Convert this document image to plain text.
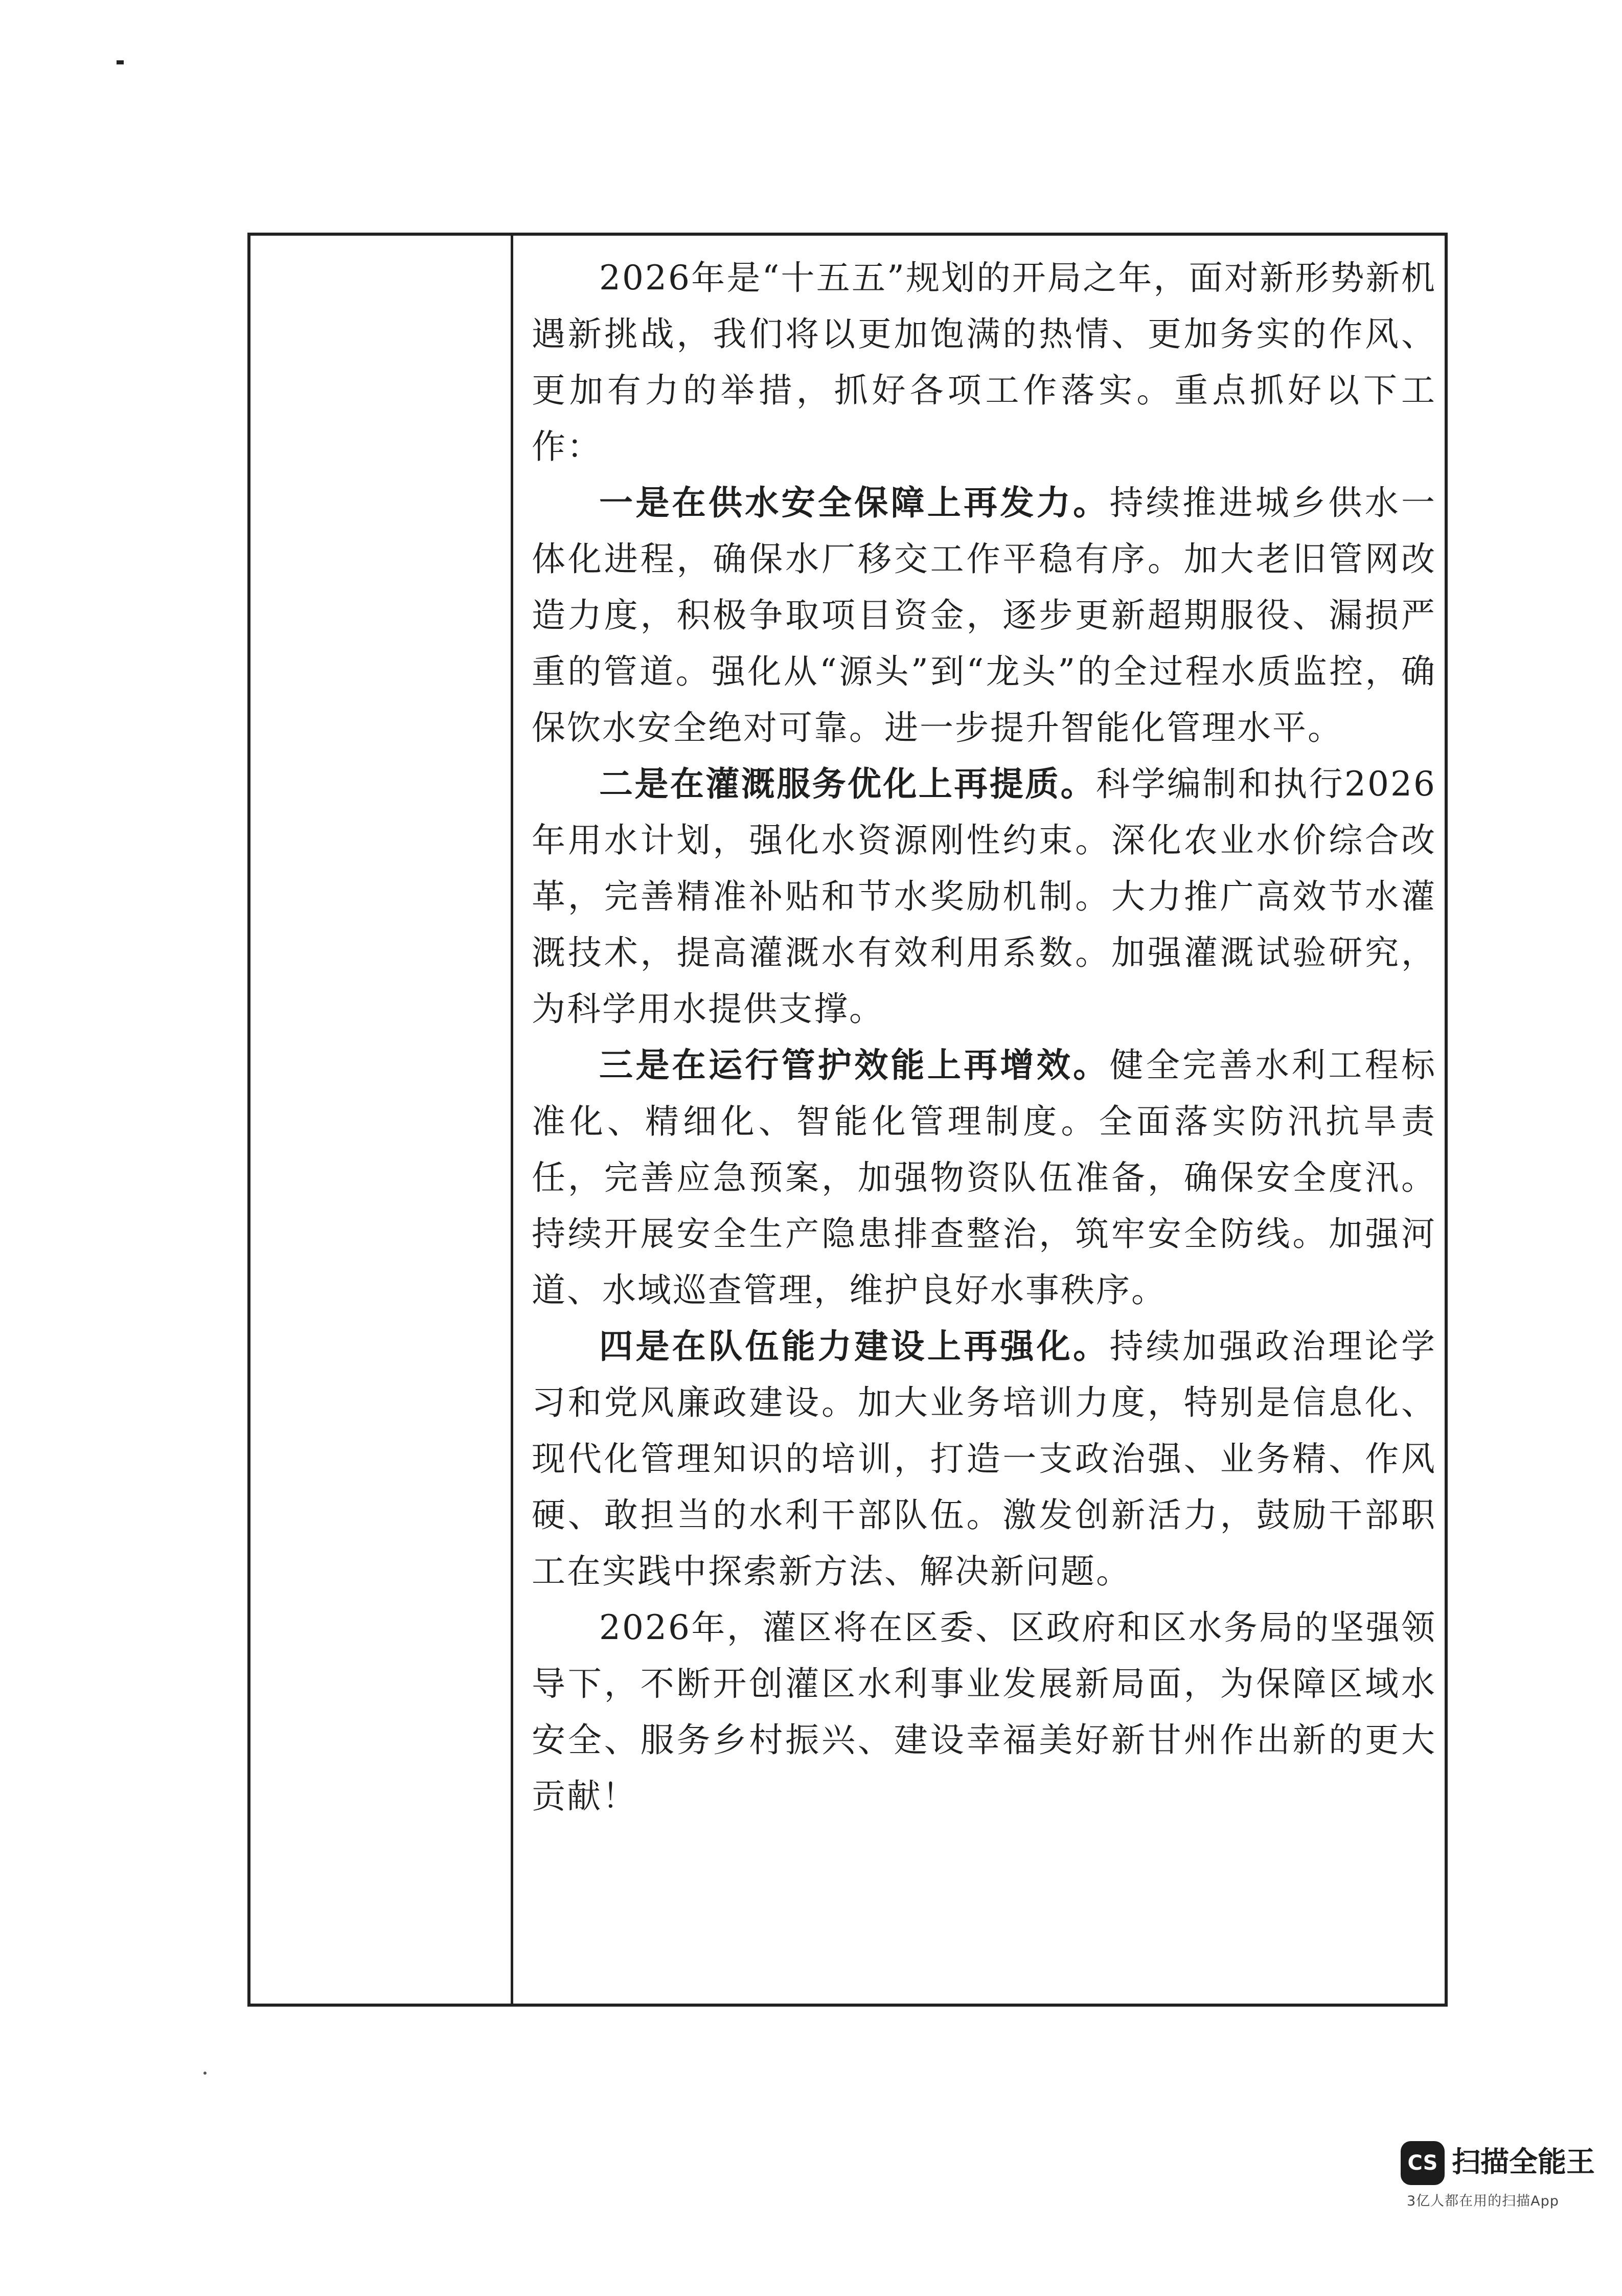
2026年是“十五五”规划的开局之年，面对新形势新机遇新挑战，我们将以更加饱满的热情、更加务实的作风、更加有力的举措，抓好各项工作落实。重点抓好以下工作：

一是在供水安全保障上再发力。持续推进城乡供水一体化进程，确保水厂移交工作平稳有序。加大老旧管网改造力度，积极争取项目资金，逐步更新超期服役、漏损严重的管道。强化从“源头”到“龙头”的全过程水质监控，确保饮水安全绝对可靠。进一步提升智能化管理水平。

二是在灌溉服务优化上再提质。科学编制和执行2026年用水计划，强化水资源刚性约束。深化农业水价综合改革，完善精准补贴和节水奖励机制。大力推广高效节水灌溉技术，提高灌溉水有效利用系数。加强灌溉试验研究，为科学用水提供支撑。

三是在运行管护效能上再增效。健全完善水利工程标准化、精细化、智能化管理制度。全面落实防汛抗旱责任，完善应急预案，加强物资队伍准备，确保安全度汛。持续开展安全生产隐患排查整治，筑牢安全防线。加强河道、水域巡查管理，维护良好水事秩序。

四是在队伍能力建设上再强化。持续加强政治理论学习和党风廉政建设。加大业务培训力度，特别是信息化、现代化管理知识的培训，打造一支政治强、业务精、作风硬、敢担当的水利干部队伍。激发创新活力，鼓励干部职工在实践中探索新方法、解决新问题。

2026年，灌区将在区委、区政府和区水务局的坚强领导下，不断开创灌区水利事业发展新局面，为保障区域水安全、服务乡村振兴、建设幸福美好新甘州作出新的更大贡献！

CS 扫描全能王
3亿人都在用的扫描App
